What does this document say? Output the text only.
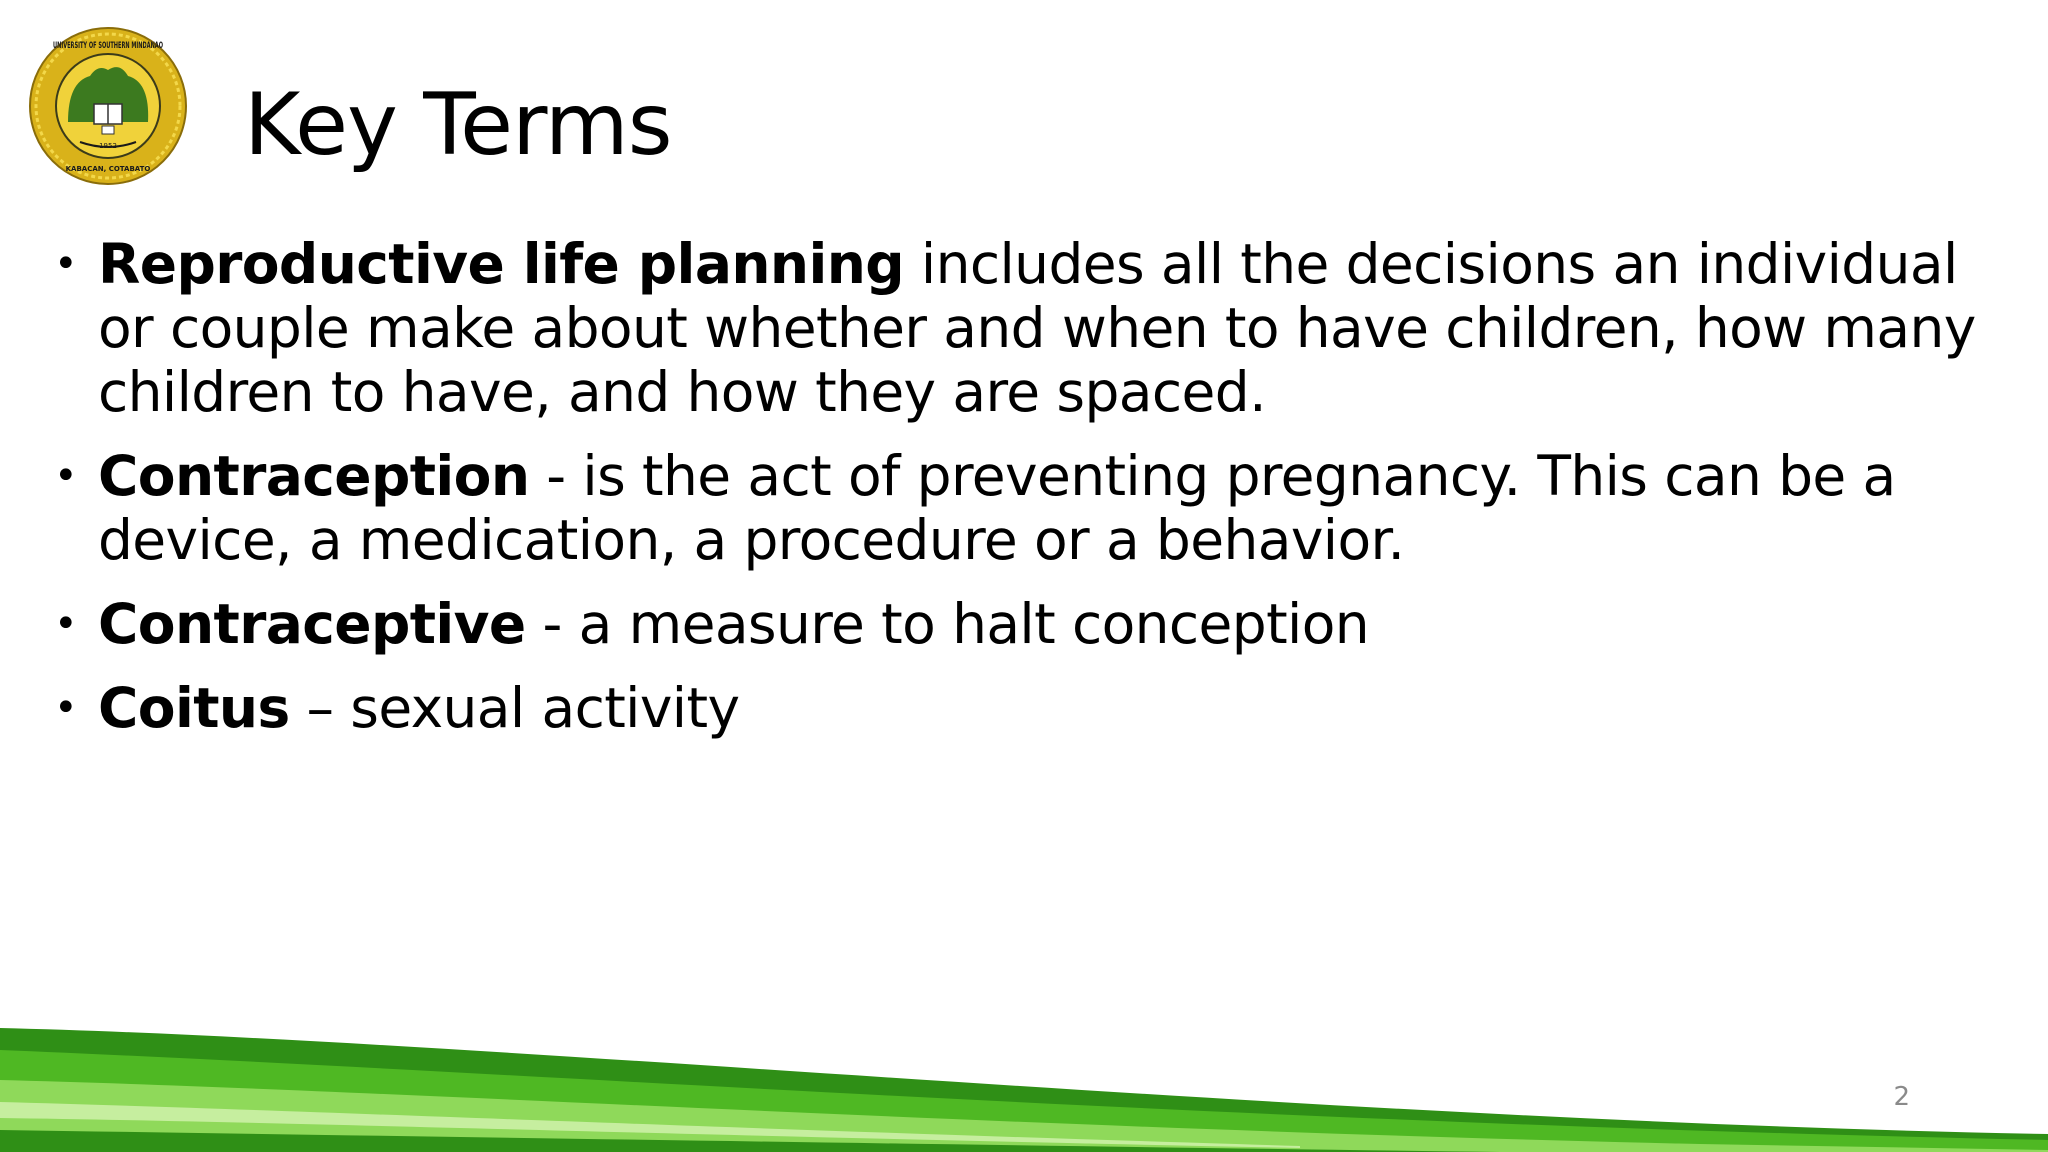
UNIVERSITY OF SOUTHERN MINDANAO
1952
KABACAN, COTABATO Key Terms
• Reproductive life planning includes all the decisions an individual or couple make about whether and when to have children, how many children to have, and how they are spaced.
• Contraception - is the act of preventing pregnancy. This can be a device, a medication, a procedure or a behavior.
• Contraceptive - a measure to halt conception
• Coitus – sexual activity
2
